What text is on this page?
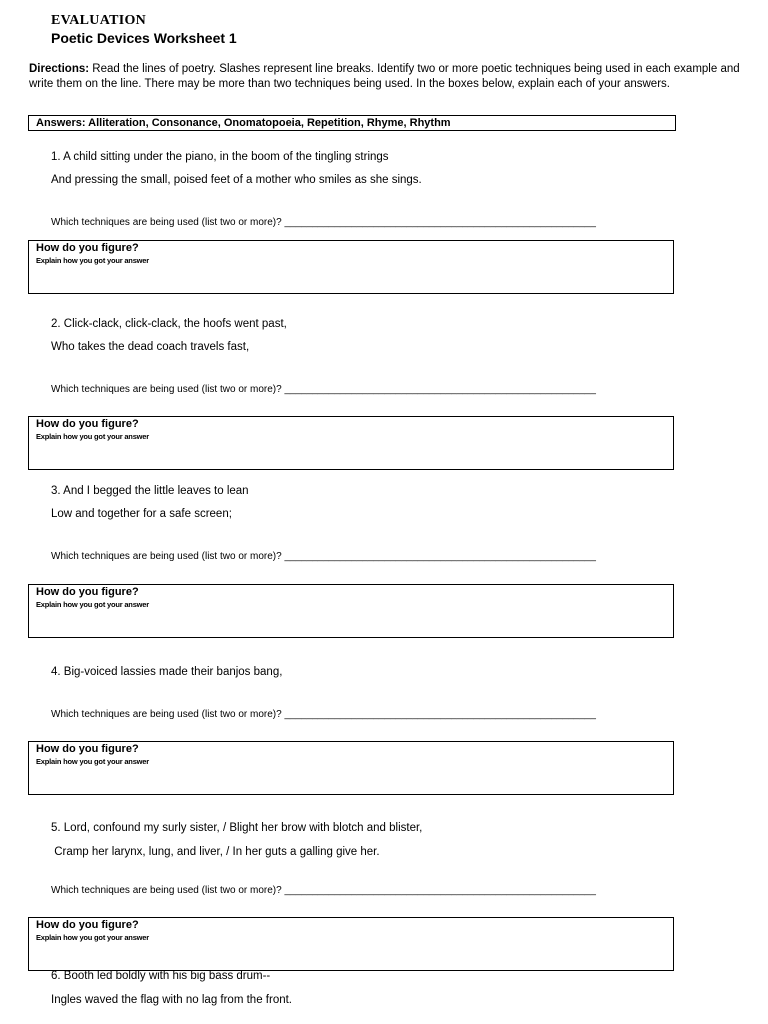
EVALUATION
Poetic Devices Worksheet 1
Directions: Read the lines of poetry. Slashes represent line breaks. Identify two or more poetic techniques being used in each example and write them on the line. There may be more than two techniques being used. In the boxes below, explain each of your answers.
Answers: Alliteration, Consonance, Onomatopoeia, Repetition, Rhyme, Rhythm
1. A child sitting under the piano, in the boom of the tingling strings
And pressing the small, poised feet of a mother who smiles as she sings.
Which techniques are being used (list two or more)? ________________________________________________________
How do you figure?
Explain how you got your answer
2. Click-clack, click-clack, the hoofs went past,
Who takes the dead coach travels fast,
Which techniques are being used (list two or more)? ________________________________________________________
How do you figure?
Explain how you got your answer
3. And I begged the little leaves to lean
Low and together for a safe screen;
Which techniques are being used (list two or more)? ________________________________________________________
How do you figure?
Explain how you got your answer
4. Big-voiced lassies made their banjos bang,
Which techniques are being used (list two or more)? ________________________________________________________
How do you figure?
Explain how you got your answer
5. Lord, confound my surly sister, / Blight her brow with blotch and blister,
Cramp her larynx, lung, and liver, / In her guts a galling give her.
Which techniques are being used (list two or more)? ________________________________________________________
How do you figure?
Explain how you got your answer
6. Booth led boldly with his big bass drum--
Ingles waved the flag with no lag from the front.
